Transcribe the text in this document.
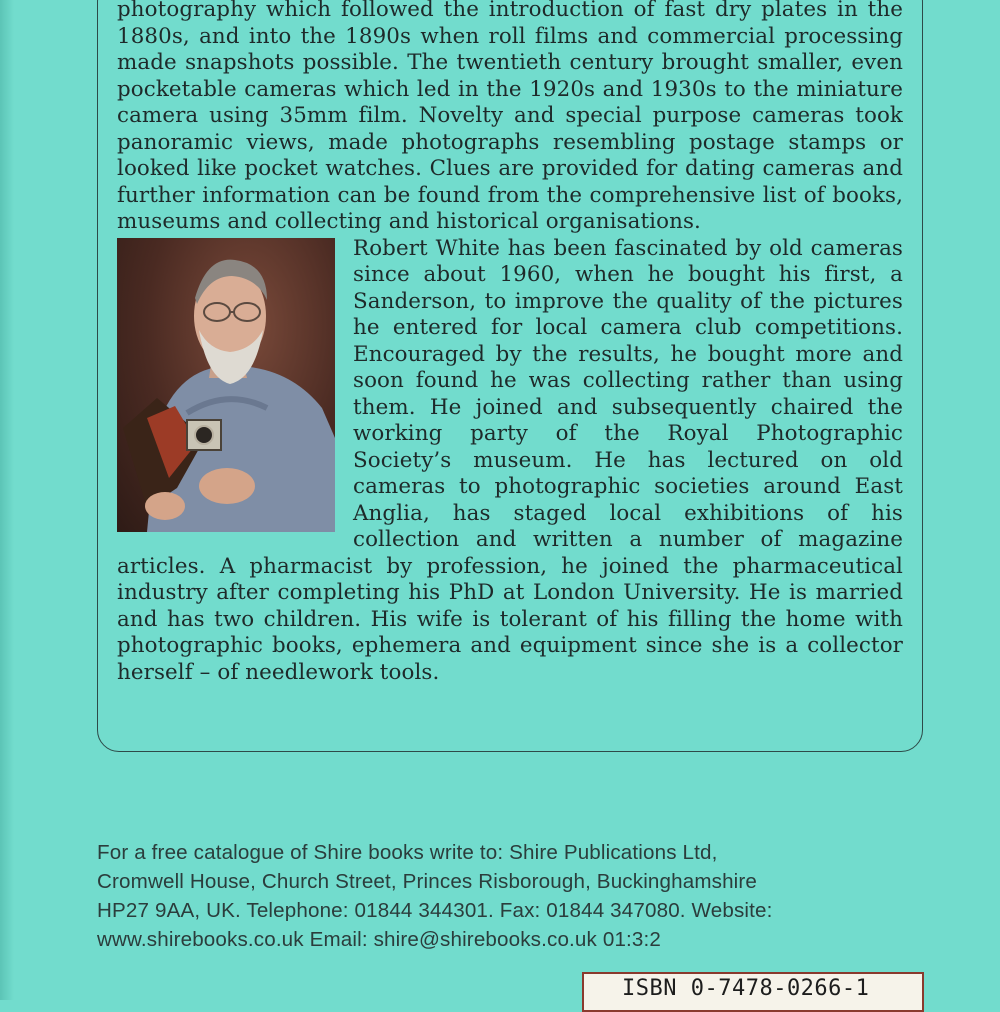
photography which followed the introduction of fast dry plates in the 1880s, and into the 1890s when roll films and commercial processing made snapshots possible. The twentieth century brought smaller, even pocketable cameras which led in the 1920s and 1930s to the miniature camera using 35mm film. Novelty and special purpose cameras took panoramic views, made photographs resembling postage stamps or looked like pocket watches. Clues are provided for dating cameras and further information can be found from the comprehensive list of books, museums and collecting and historical organisations.

Robert White has been fascinated by old cameras since about 1960, when he bought his first, a Sanderson, to improve the quality of the pictures he entered for local camera club competitions. Encouraged by the results, he bought more and soon found he was collecting rather than using them. He joined and subsequently chaired the working party of the Royal Photographic Society’s museum. He has lectured on old cameras to photographic societies around East Anglia, has staged local exhibitions of his collection and written a number of magazine articles. A pharmacist by profession, he joined the pharmaceutical industry after completing his PhD at London University. He is married and has two children. His wife is tolerant of his filling the home with photographic books, ephemera and equipment since she is a collector herself – of needlework tools.

For a free catalogue of Shire books write to: Shire Publications Ltd,
Cromwell House, Church Street, Princes Risborough, Buckinghamshire
HP27 9AA, UK. Telephone: 01844 344301. Fax: 01844 347080. Website:
www.shirebooks.co.uk Email: shire@shirebooks.co.uk 01:3:2
ISBN 0-7478-0266-1
